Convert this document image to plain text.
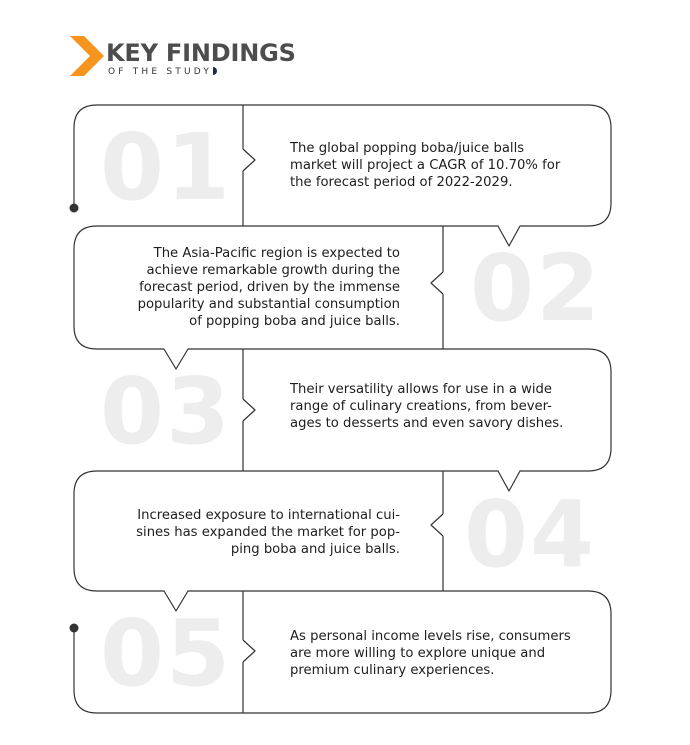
KEY FINDINGS
OF THE STUDY
01
02
03
04
05
The global popping boba/juice balls
market will project a CAGR of 10.70% for
the forecast period of 2022-2029.
The Asia-Pacific region is expected to
achieve remarkable growth during the
forecast period, driven by the immense
popularity and substantial consumption
of popping boba and juice balls.
Their versatility allows for use in a wide
range of culinary creations, from bever-
ages to desserts and even savory dishes.
Increased exposure to international cui-
sines has expanded the market for pop-
ping boba and juice balls.
As personal income levels rise, consumers
are more willing to explore unique and
premium culinary experiences.
